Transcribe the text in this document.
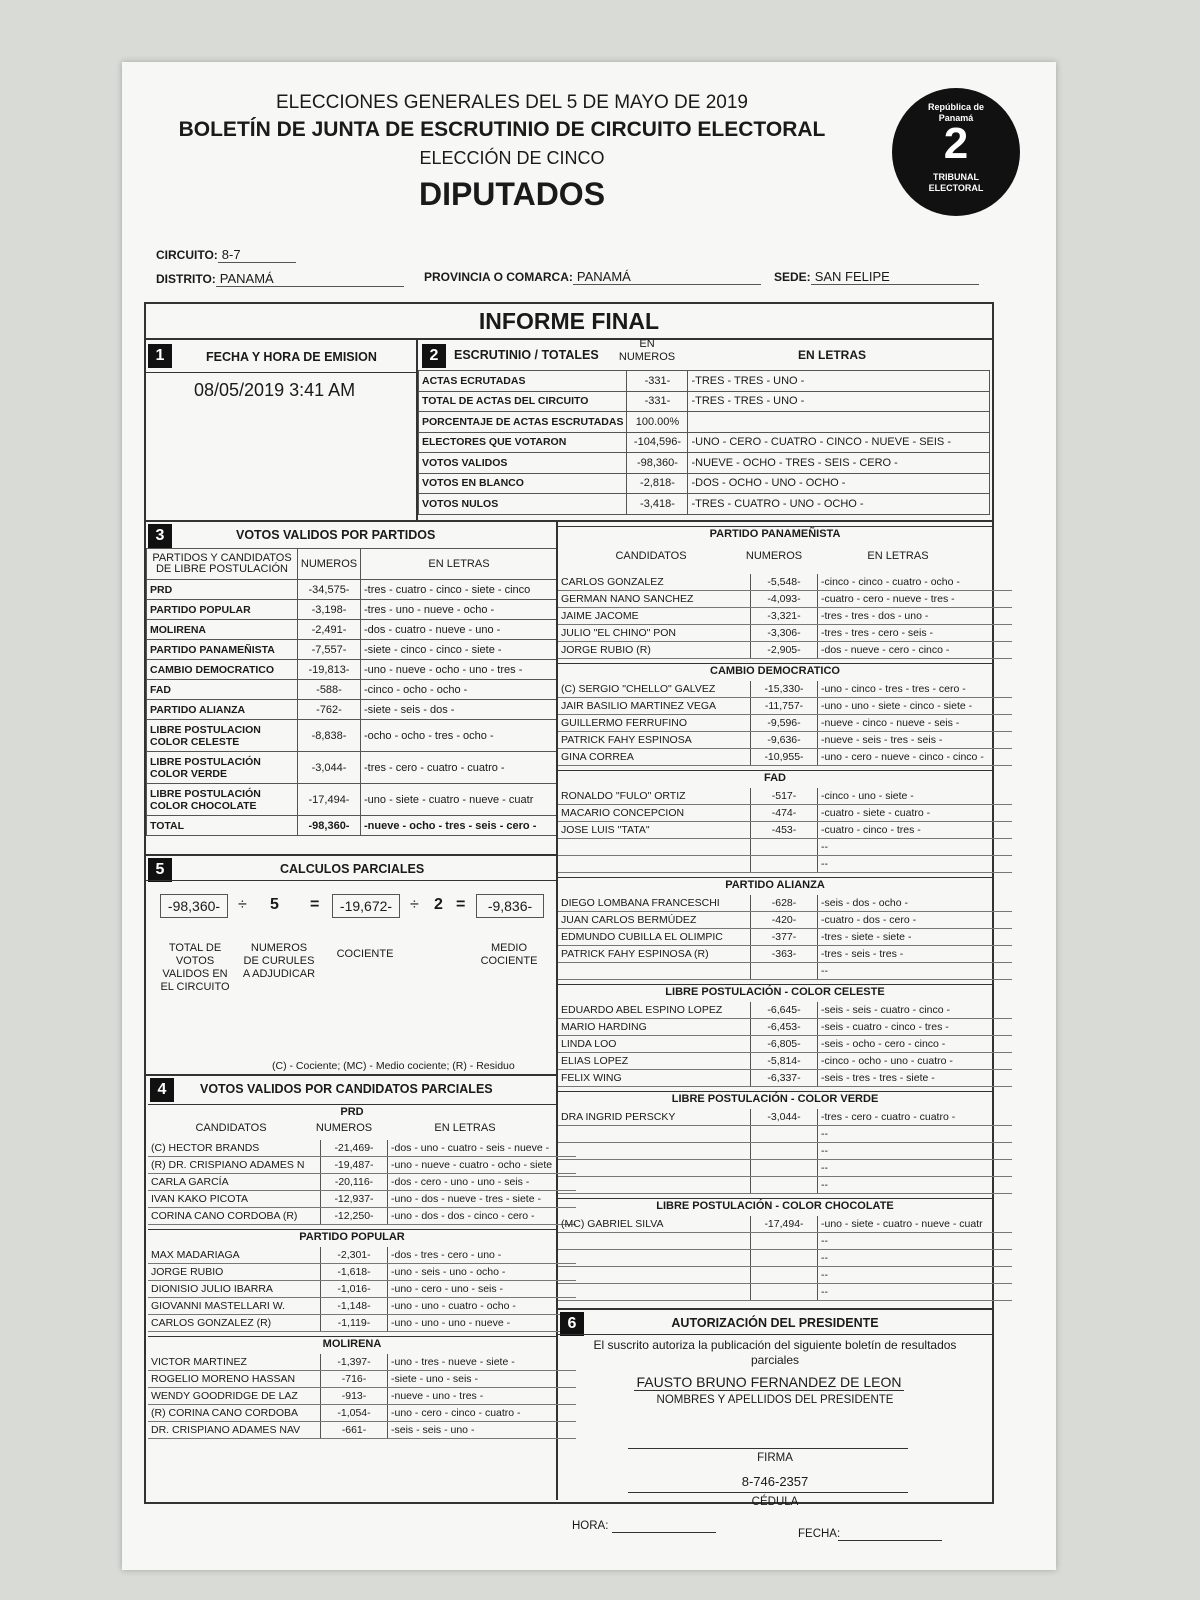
ELECCIONES GENERALES DEL 5 DE MAYO DE 2019
BOLETÍN DE JUNTA DE ESCRUTINIO DE CIRCUITO ELECTORAL
ELECCIÓN DE CINCO
DIPUTADOS
República de
Panamá
2
TRIBUNAL
ELECTORAL
CIRCUITO: 8-7
DISTRITO: PANAMÁ	PROVINCIA O COMARCA: PANAMÁ	SEDE: SAN FELIPE
INFORME FINAL
1	FECHA Y HORA DE EMISION
08/05/2019 3:41 AM
2	ESCRUTINIO / TOTALES
EN NUMEROS	EN LETRAS
ACTAS ECRUTADAS	-331-	-TRES - TRES - UNO -
TOTAL DE ACTAS DEL CIRCUITO	-331-	-TRES - TRES - UNO -
PORCENTAJE DE ACTAS ESCRUTADAS	100.00%	
ELECTORES QUE VOTARON	-104,596-	-UNO - CERO - CUATRO - CINCO - NUEVE - SEIS -
VOTOS VALIDOS	-98,360-	-NUEVE - OCHO - TRES - SEIS - CERO -
VOTOS EN BLANCO	-2,818-	-DOS - OCHO - UNO - OCHO -
VOTOS NULOS	-3,418-	-TRES - CUATRO - UNO - OCHO -
3	VOTOS VALIDOS POR PARTIDOS
PARTIDOS Y CANDIDATOS DE LIBRE POSTULACIÓN	NUMEROS	EN LETRAS
PRD	-34,575-	-tres - cuatro - cinco - siete - cinco
PARTIDO POPULAR	-3,198-	-tres - uno - nueve - ocho -
MOLIRENA	-2,491-	-dos - cuatro - nueve - uno -
PARTIDO PANAMEÑISTA	-7,557-	-siete - cinco - cinco - siete -
CAMBIO DEMOCRATICO	-19,813-	-uno - nueve - ocho - uno - tres -
FAD	-588-	-cinco - ocho - ocho -
PARTIDO ALIANZA	-762-	-siete - seis - dos -
LIBRE POSTULACION COLOR CELESTE	-8,838-	-ocho - ocho - tres - ocho -
LIBRE POSTULACIÓN COLOR VERDE	-3,044-	-tres - cero - cuatro - cuatro -
LIBRE POSTULACIÓN COLOR CHOCOLATE	-17,494-	-uno - siete - cuatro - nueve - cuatr
TOTAL	-98,360-	-nueve - ocho - tres - seis - cero -
5	CALCULOS PARCIALES
-98,360-	÷ 5 =	-19,672-	÷ 2 =	-9,836-
TOTAL DE VOTOS VALIDOS EN EL CIRCUITO
NUMEROS DE CURULES A ADJUDICAR
COCIENTE	MEDIO COCIENTE
(C) - Cociente; (MC) - Medio cociente; (R) - Residuo
4	VOTOS VALIDOS POR CANDIDATOS PARCIALES
PRD
CANDIDATOS	NUMEROS	EN LETRAS
(C) HECTOR BRANDS	-21,469-	-dos - uno - cuatro - seis - nueve -
(R) DR. CRISPIANO ADAMES N	-19,487-	-uno - nueve - cuatro - ocho - siete
CARLA GARCÍA	-20,116-	-dos - cero - uno - uno - seis -
IVAN KAKO PICOTA	-12,937-	-uno - dos - nueve - tres - siete -
CORINA CANO CORDOBA (R)	-12,250-	-uno - dos - dos - cinco - cero -
PARTIDO POPULAR
MAX MADARIAGA	-2,301-	-dos - tres - cero - uno -
JORGE RUBIO	-1,618-	-uno - seis - uno - ocho -
DIONISIO JULIO IBARRA	-1,016-	-uno - cero - uno - seis -
GIOVANNI MASTELLARI W.	-1,148-	-uno - uno - cuatro - ocho -
CARLOS GONZALEZ (R)	-1,119-	-uno - uno - uno - nueve -
MOLIRENA
VICTOR MARTINEZ	-1,397-	-uno - tres - nueve - siete -
ROGELIO MORENO HASSAN	-716-	-siete - uno - seis -
WENDY GOODRIDGE DE LAZ	-913-	-nueve - uno - tres -
(R) CORINA CANO CORDOBA	-1,054-	-uno - cero - cinco - cuatro -
DR. CRISPIANO ADAMES NAV	-661-	-seis - seis - uno -
PARTIDO PANAMEÑISTA
CANDIDATOS	NUMEROS	EN LETRAS
CARLOS GONZALEZ	-5,548-	-cinco - cinco - cuatro - ocho -
GERMAN NANO SANCHEZ	-4,093-	-cuatro - cero - nueve - tres -
JAIME JACOME	-3,321-	-tres - tres - dos - uno -
JULIO "EL CHINO" PON	-3,306-	-tres - tres - cero - seis -
JORGE RUBIO (R)	-2,905-	-dos - nueve - cero - cinco -
CAMBIO DEMOCRATICO
(C) SERGIO "CHELLO" GALVEZ	-15,330-	-uno - cinco - tres - tres - cero -
JAIR BASILIO MARTINEZ VEGA	-11,757-	-uno - uno - siete - cinco - siete -
GUILLERMO FERRUFINO	-9,596-	-nueve - cinco - nueve - seis -
PATRICK FAHY ESPINOSA	-9,636-	-nueve - seis - tres - seis -
GINA CORREA	-10,955-	-uno - cero - nueve - cinco - cinco -
FAD
RONALDO "FULO" ORTIZ	-517-	-cinco - uno - siete -
MACARIO CONCEPCION	-474-	-cuatro - siete - cuatro -
JOSE LUIS "TATA"	-453-	-cuatro - cinco - tres -
		--
		--
PARTIDO ALIANZA
DIEGO LOMBANA FRANCESCHI	-628-	-seis - dos - ocho -
JUAN CARLOS BERMÚDEZ	-420-	-cuatro - dos - cero -
EDMUNDO CUBILLA EL OLIMPIC	-377-	-tres - siete - siete -
PATRICK FAHY ESPINOSA (R)	-363-	-tres - seis - tres -
		--
LIBRE POSTULACIÓN - COLOR CELESTE
EDUARDO ABEL ESPINO LOPEZ	-6,645-	-seis - seis - cuatro - cinco -
MARIO HARDING	-6,453-	-seis - cuatro - cinco - tres -
LINDA LOO	-6,805-	-seis - ocho - cero - cinco -
ELIAS LOPEZ	-5,814-	-cinco - ocho - uno - cuatro -
FELIX WING	-6,337-	-seis - tres - tres - siete -
LIBRE POSTULACIÓN - COLOR VERDE
DRA INGRID PERSCKY	-3,044-	-tres - cero - cuatro - cuatro -
		--
		--
		--
		--
LIBRE POSTULACIÓN - COLOR CHOCOLATE
(MC) GABRIEL SILVA	-17,494-	-uno - siete - cuatro - nueve - cuatr
		--
		--
		--
		--
6	AUTORIZACIÓN DEL PRESIDENTE
El suscrito autoriza la publicación del siguiente boletín de resultados parciales
FAUSTO BRUNO FERNANDEZ DE LEON
NOMBRES Y APELLIDOS DEL PRESIDENTE
FIRMA
8-746-2357
CÉDULA
HORA:
FECHA:
